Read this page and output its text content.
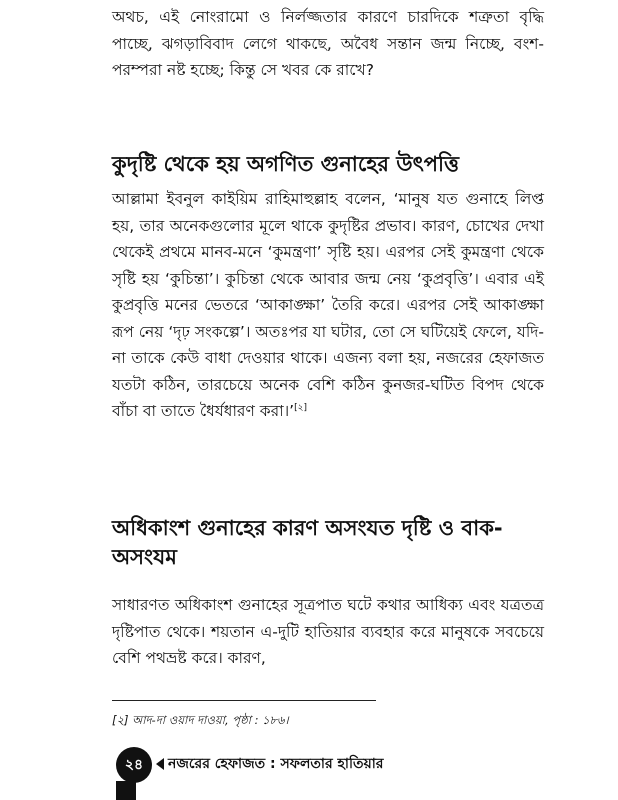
অথচ, এই নোংরামো ও নির্লজ্জতার কারণে চারদিকে শত্রুতা বৃদ্ধি পাচ্ছে, ঝগড়াবিবাদ লেগে থাকছে, অবৈধ সন্তান জন্ম নিচ্ছে, বংশ-পরম্পরা নষ্ট হচ্ছে; কিন্তু সে খবর কে রাখে?

কুদৃষ্টি থেকে হয় অগণিত গুনাহের উৎপত্তি

আল্লামা ইবনুল কাইয়িম রাহিমাহুল্লাহ বলেন, ‘মানুষ যত গুনাহে লিপ্ত হয়, তার অনেকগুলোর মূলে থাকে কুদৃষ্টির প্রভাব। কারণ, চোখের দেখা থেকেই প্রথমে মানব-মনে ‘কুমন্ত্রণা’ সৃষ্টি হয়। এরপর সেই কুমন্ত্রণা থেকে সৃষ্টি হয় ‘কুচিন্তা’। কুচিন্তা থেকে আবার জন্ম নেয় ‘কুপ্রবৃত্তি’। এবার এই কুপ্রবৃত্তি মনের ভেতরে ‘আকাঙ্ক্ষা’ তৈরি করে। এরপর সেই আকাঙ্ক্ষা রূপ নেয় ‘দৃঢ় সংকল্পে’। অতঃপর যা ঘটার, তো সে ঘটিয়েই ফেলে, যদি-না তাকে কেউ বাধা দেওয়ার থাকে। এজন্য বলা হয়, নজরের হেফাজত যতটা কঠিন, তারচেয়ে অনেক বেশি কঠিন কুনজর-ঘটিত বিপদ থেকে বাঁচা বা তাতে ধৈর্যধারণ করা।’[২]

অধিকাংশ গুনাহের কারণ অসংযত দৃষ্টি ও বাক-অসংযম

সাধারণত অধিকাংশ গুনাহের সূত্রপাত ঘটে কথার আধিক্য এবং যত্রতত্র দৃষ্টিপাত থেকে। শয়তান এ-দুটি হাতিয়ার ব্যবহার করে মানুষকে সবচেয়ে বেশি পথভ্রষ্ট করে। কারণ,

[২] আদ-দা ওয়াদ দাওয়া, পৃষ্ঠা : ১৮৬।
২৪	নজরের হেফাজত : সফলতার হাতিয়ার
